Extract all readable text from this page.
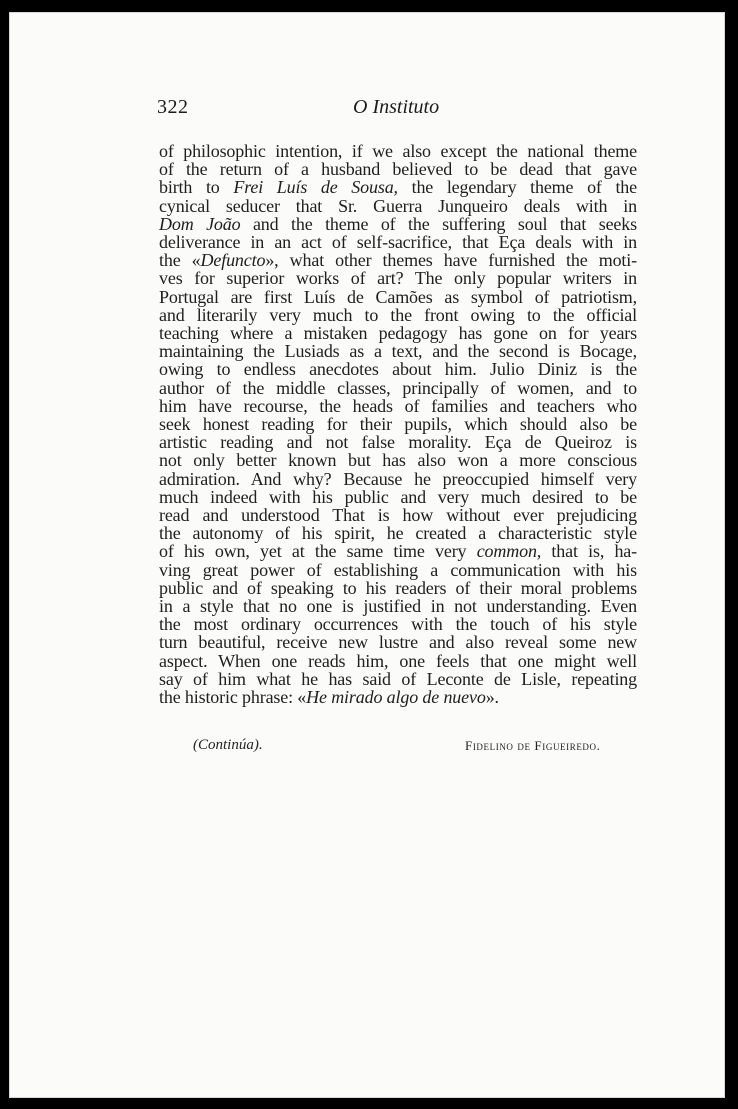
322	O Instituto
of philosophic intention, if we also except the national theme
of the return of a husband believed to be dead that gave
birth to Frei Luís de Sousa, the legendary theme of the
cynical seducer that Sr. Guerra Junqueiro deals with in
Dom João and the theme of the suffering soul that seeks
deliverance in an act of self-sacrifice, that Eça deals with in
the «Defuncto», what other themes have furnished the moti-
ves for superior works of art? The only popular writers in
Portugal are first Luís de Camões as symbol of patriotism,
and literarily very much to the front owing to the official
teaching where a mistaken pedagogy has gone on for years
maintaining the Lusiads as a text, and the second is Bocage,
owing to endless anecdotes about him. Julio Diniz is the
author of the middle classes, principally of women, and to
him have recourse, the heads of families and teachers who
seek honest reading for their pupils, which should also be
artistic reading and not false morality. Eça de Queiroz is
not only better known but has also won a more conscious
admiration. And why? Because he preoccupied himself very
much indeed with his public and very much desired to be
read and understood That is how without ever prejudicing
the autonomy of his spirit, he created a characteristic style
of his own, yet at the same time very common, that is, ha-
ving great power of establishing a communication with his
public and of speaking to his readers of their moral problems
in a style that no one is justified in not understanding. Even
the most ordinary occurrences with the touch of his style
turn beautiful, receive new lustre and also reveal some new
aspect. When one reads him, one feels that one might well
say of him what he has said of Leconte de Lisle, repeating
the historic phrase: «He mirado algo de nuevo».
(Continúa).	Fidelino de Figueiredo.
